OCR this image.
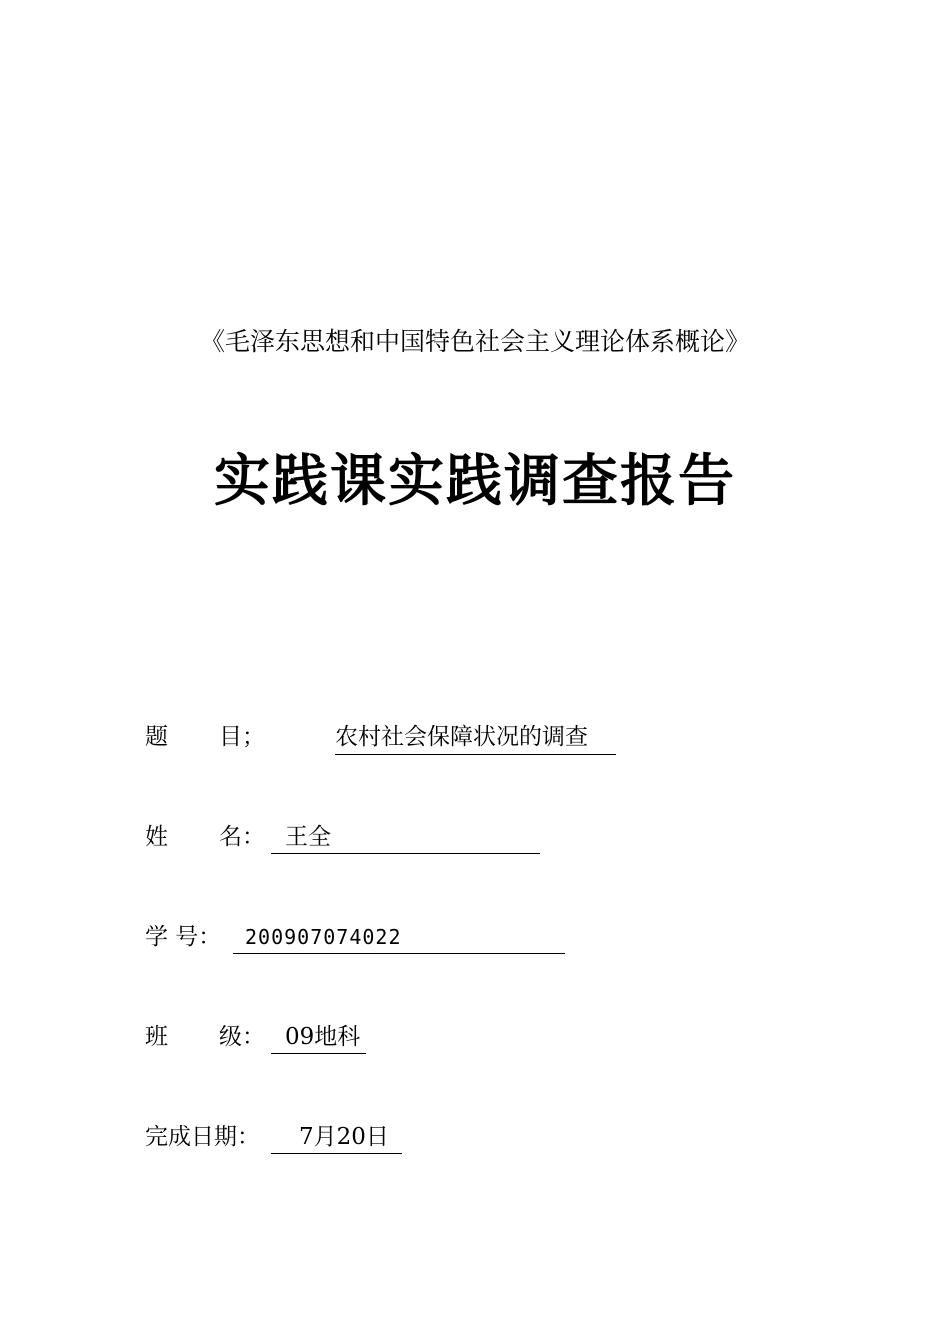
《毛泽东思想和中国特色社会主义理论体系概论》
实践课实践调查报告
题 目；	农村社会保障状况的调查
姓 名： 王全
学 号：	200907074022
班 级： 09地科
完成日期：	7月20日
